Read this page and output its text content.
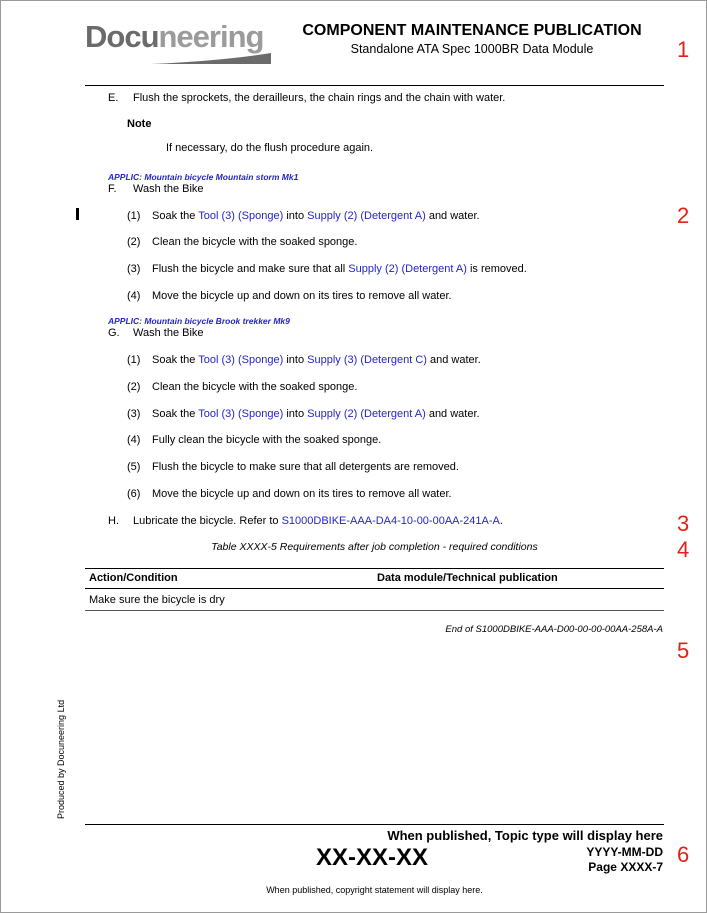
Docuneering	COMPONENT MAINTENANCE PUBLICATION
Standalone ATA Spec 1000BR Data Module	1
2
3
4
5
6
E. Flush the sprockets, the derailleurs, the chain rings and the chain with water.
Note
If necessary, do the flush procedure again.
APPLIC: Mountain bicycle Mountain storm Mk1
F. Wash the Bike
(1) Soak the Tool (3) (Sponge) into Supply (2) (Detergent A) and water.
(2) Clean the bicycle with the soaked sponge.
(3) Flush the bicycle and make sure that all Supply (2) (Detergent A) is removed.
(4) Move the bicycle up and down on its tires to remove all water.
APPLIC: Mountain bicycle Brook trekker Mk9
G. Wash the Bike
(1) Soak the Tool (3) (Sponge) into Supply (3) (Detergent C) and water.
(2) Clean the bicycle with the soaked sponge.
(3) Soak the Tool (3) (Sponge) into Supply (2) (Detergent A) and water.
(4) Fully clean the bicycle with the soaked sponge.
(5) Flush the bicycle to make sure that all detergents are removed.
(6) Move the bicycle up and down on its tires to remove all water.
H. Lubricate the bicycle. Refer to S1000DBIKE-AAA-DA4-10-00-00AA-241A-A.
Table XXXX-5 Requirements after job completion - required conditions
Action/Condition	Data module/Technical publication
Make sure the bicycle is dry
End of S1000DBIKE-AAA-D00-00-00-00AA-258A-A
Produced by Docuneering Ltd
When published, Topic type will display here
XX-XX-XX	YYYY-MM-DD
Page XXXX-7
When published, copyright statement will display here.
